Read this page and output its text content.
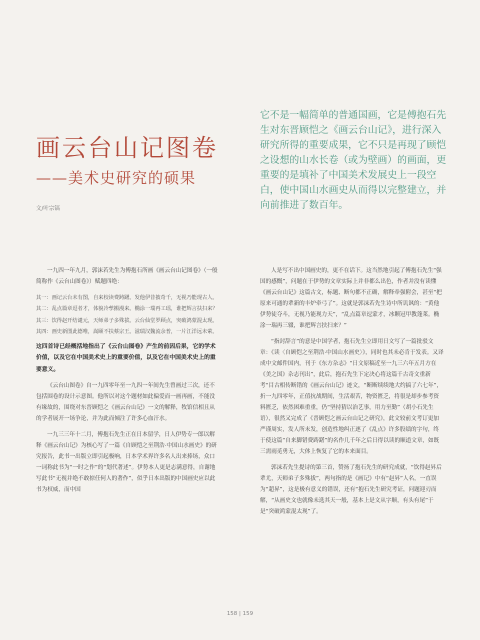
画云台山记图卷
——美术史研究的硕果
文/叶宗镐
它不是一幅简单的普通国画，它是傅抱石先生对东晋顾恺之《画云台山记》，进行深入研究所得的重要成果，它不只是再现了顾恺之设想的山水长卷（或为壁画）的画面，更重要的是填补了中国美术发展史上一段空白，使中国山水画史从而得以完整建立，并向前推进了数百年。

一九四一年九月，郭沫若先生为傅抱石所画《画云台山记图卷》（一般简称作《云台山图卷》）赋题四绝：

其一：画记云台未有图，自来校读费踌躇。发他伊昔披奇千，无视乃能现古人。

其二：乱点篇章逗者才，体貌冷孳搬漫来。椭涂一瑞再工瑶，谁把辉言扶扫来？

其三：饮得赵开结谴元，天师弟子多殊拔。云台仙堂罗顾点，突破鸿蒙混太现。

其四：画史新图此德唯，嵩颐不扶蔡宗王。滋瑞汉魏流余普，一片江洋远未萦。

这四首诗已经概括地指出了《云台山图卷》产生的前因后果，它的学术价值，以及它在中国美术史上的重要价值，以及它在中国美术史上的重要意义。

《云台山图卷》自一九四零年至一九四一年间先生曾画过三次，还不包括围卷的设计示意图。他所以对这个题材如此偏爱而一画再画，不能没有缘故的，围绕对东晋顾恺之《画云台山记》一文的解释，牧馆信相且从的学者展开一场争论，并为此而倾注了许多心血汗水。

一九三三年十二月，傅抱石先生正在日本留学，日人伊势专一郎以解释《画云台山记》为核心写了一篇《自顾恺之至荆浩·中国山水画史》的研究报告，此书一出版立即引起极响，日本学术界许多名人出来捧场，众口一词称此书为“一时之作”的“划代著述”。伊势本人更是志满意得，自谢地写此书“无视并绝不敢掠任何人的著作”，似乎日本出版的中国画史应以此书为权威，而中国

人是写不出中国画史的，更不在话下。这当然地引起了傅抱石先生“强国的感慨”，问题在于伊势的文章实际上并非都么出色，作者并没有读懂《画云台山记》这篇古文，标题、断句都不正确，解释牵强附会，甚至“把原来可通的辈新的丰炉牵弓了”。这就是郭沫若先生诗中所讥讽的：“黄他伊势徒夺斗，无视乃能现力天”，“乱点篇章逗蒙才，冰颗冠甲教蓬莱。椭涂一瑞再三辍，谁把辉言扶扫来？”

“指封辞言”的意是中国学者，抱石先生立即用日文写了一篇批驳文章：《读〈自顾恺之至荆浩·中国山水画史〉》，同时也其未必肯于发表。又译成中文邮件国内，刊于《东方杂志》“日文原稿近至一九三六年五月方在《美之国》杂志刊出”，此后，抱石先生下定决心将这篇千古奇文重新考“目古相传断错的《画云台山记》迹文，“断断续续地大约搞了六七年”，折一九四零年，正值抗战期间，生活艰苦，物资匮乏，将很是却步参考资料匮乏，依然困难重重，仍“坚持猜以治艺事，用力至勤”（胡小石先生语），很然又完成了《晋顾恺之画云台山记之研究》，此文较前文考订更加严谨周实，发人所未发，创造性地纠正逐了《乱点》许多股绩的字句，终于使这篇“自来脚错费踌躇”的名作几千年之后日得以读的顺道文章，如既三需雨觅勇无，大体上恢复了它的本来面目。

郭沫若先生提诗的第三首，赞扬了抱石先生的研究成就，“饮得赵昇后辈尤，天师弟子多殊拔”，两句指的是《画记》中有“赵昇”人名，一直误为“超昇”，这是极有意义的错误，还有“抱石先生研究考证，问题迎刃而解，“从画史文也就像未选其天一般，基本上是文从字顺，有头有尾”于是“突破鸿蒙混太现”了。

158 | 159
